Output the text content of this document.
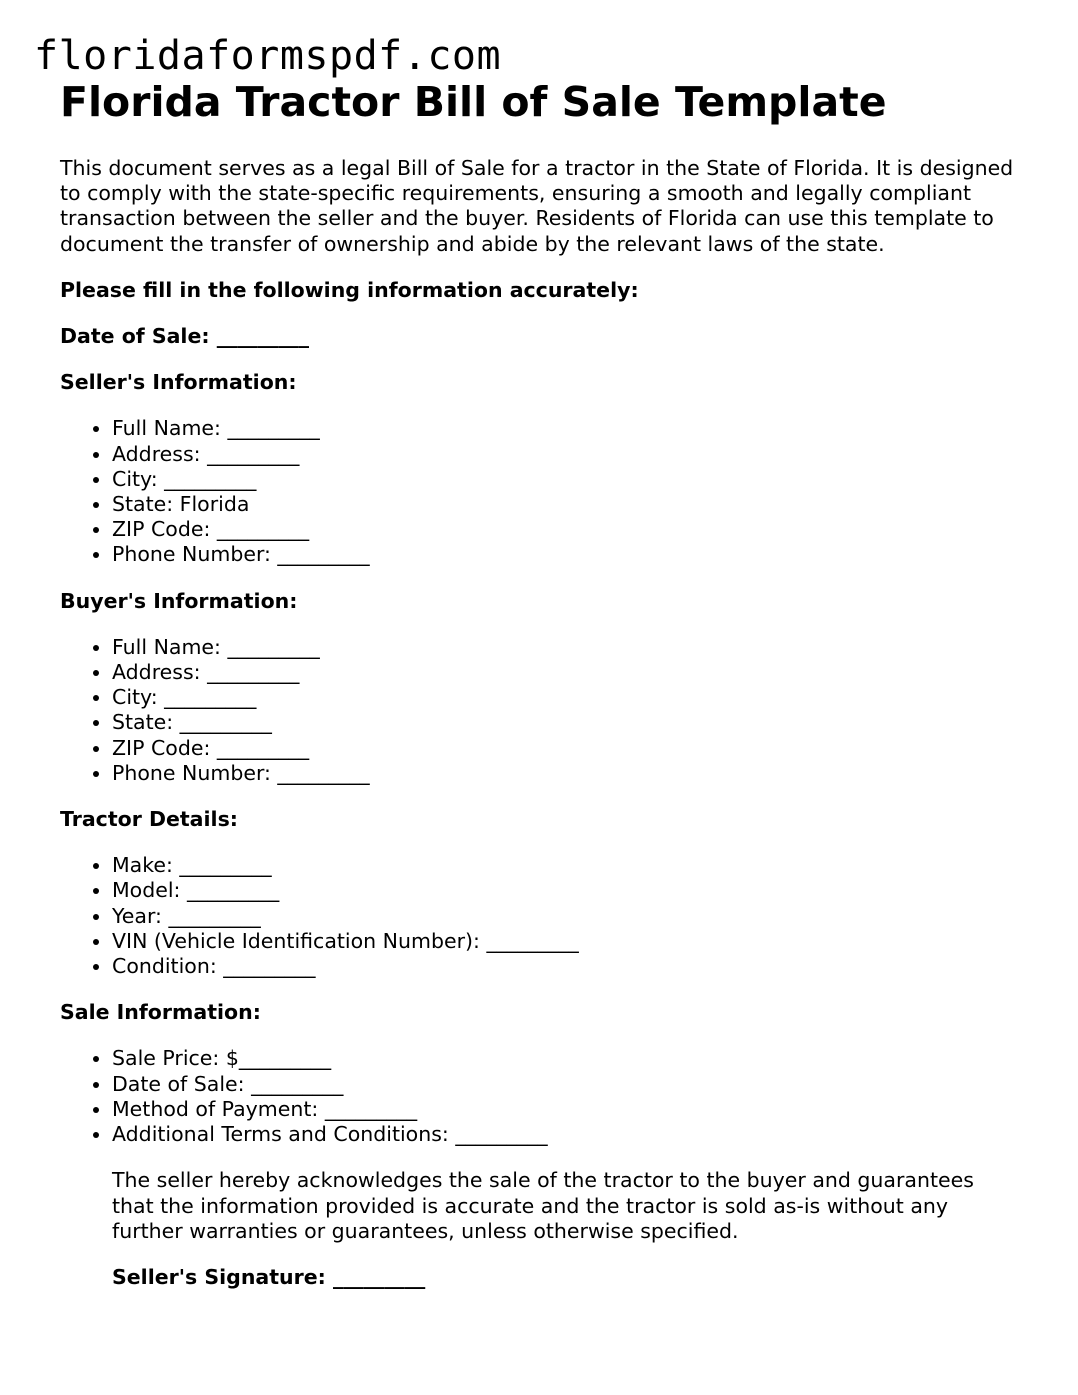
floridaformspdf.com
Florida Tractor Bill of Sale Template

This document serves as a legal Bill of Sale for a tractor in the State of Florida. It is designed to comply with the state-specific requirements, ensuring a smooth and legally compliant transaction between the seller and the buyer. Residents of Florida can use this template to document the transfer of ownership and abide by the relevant laws of the state.

Please fill in the following information accurately:
Date of Sale: _________
Seller's Information:
• Full Name: _________
• Address: _________
• City: _________
• State: Florida
• ZIP Code: _________
• Phone Number: _________
Buyer's Information:
• Full Name: _________
• Address: _________
• City: _________
• State: _________
• ZIP Code: _________
• Phone Number: _________
Tractor Details:
• Make: _________
• Model: _________
• Year: _________
• VIN (Vehicle Identification Number): _________
• Condition: _________
Sale Information:
• Sale Price: $_________
• Date of Sale: _________
• Method of Payment: _________
• Additional Terms and Conditions: _________

The seller hereby acknowledges the sale of the tractor to the buyer and guarantees that the information provided is accurate and the tractor is sold as-is without any further warranties or guarantees, unless otherwise specified.

Seller's Signature: _________
